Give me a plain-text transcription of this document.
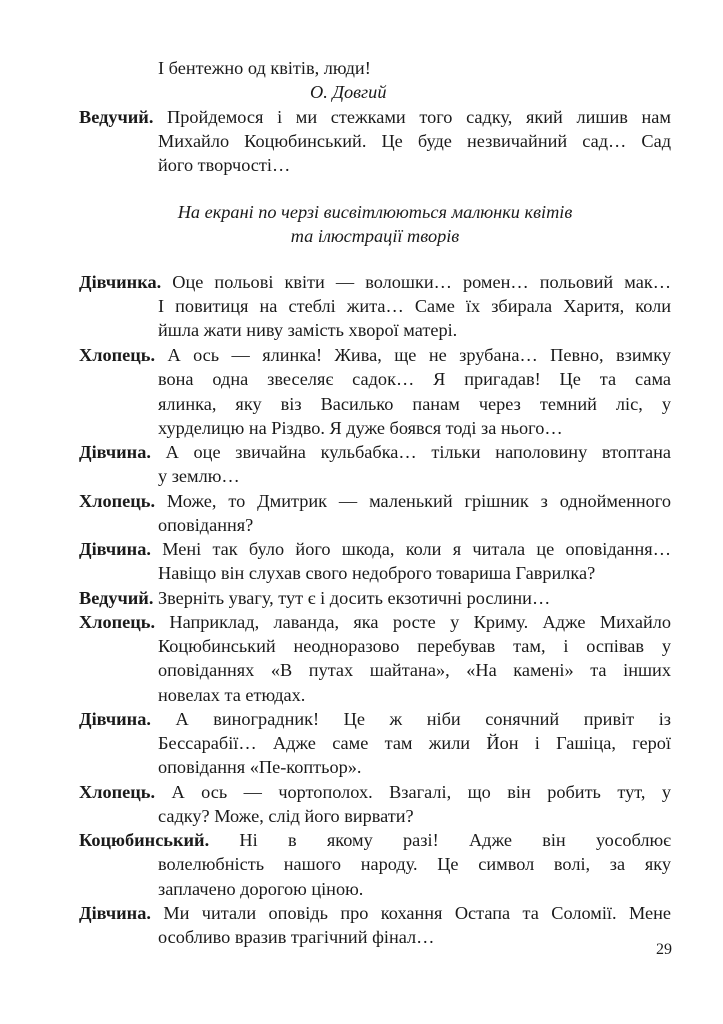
І бентежно од квітів, люди!
О. Довгий
Ведучий. Пройдемося і ми стежками того садку, який лишив нам
Михайло Коцюбинський. Це буде незвичайний сад… Сад
його творчості…
На екрані по черзі висвітлюються малюнки квітів
та ілюстрації творів
Дівчинка. Оце польові квіти — волошки… ромен… польовий мак…
І повитиця на стеблі жита… Саме їх збирала Харитя, коли
йшла жати ниву замість хворої матері.
Хлопець. А ось — ялинка! Жива, ще не зрубана… Певно, взимку
вона одна звеселяє садок… Я пригадав! Це та сама
ялинка, яку віз Василько панам через темний ліс, у
хурделицю на Різдво. Я дуже боявся тоді за нього…
Дівчина. А оце звичайна кульбабка… тільки наполовину втоптана
у землю…
Хлопець. Може, то Дмитрик — маленький грішник з однойменного
оповідання?
Дівчина. Мені так було його шкода, коли я читала це оповідання…
Навіщо він слухав свого недоброго товариша Гаврилка?
Ведучий. Зверніть увагу, тут є і досить екзотичні рослини…
Хлопець. Наприклад, лаванда, яка росте у Криму. Адже Михайло
Коцюбинський неодноразово перебував там, і оспівав у
оповіданнях «В путах шайтана», «На камені» та інших
новелах та етюдах.
Дівчина. А виноградник! Це ж ніби сонячний привіт із
Бессарабії… Адже саме там жили Йон і Гашіца, герої
оповідання «Пе-коптьор».
Хлопець. А ось — чортополох. Взагалі, що він робить тут, у
садку? Може, слід його вирвати?
Коцюбинський. Ні в якому разі! Адже він уособлює
волелюбність нашого народу. Це символ волі, за яку
заплачено дорогою ціною.
Дівчина. Ми читали оповідь про кохання Остапа та Соломії. Мене
особливо вразив трагічний фінал…
29
